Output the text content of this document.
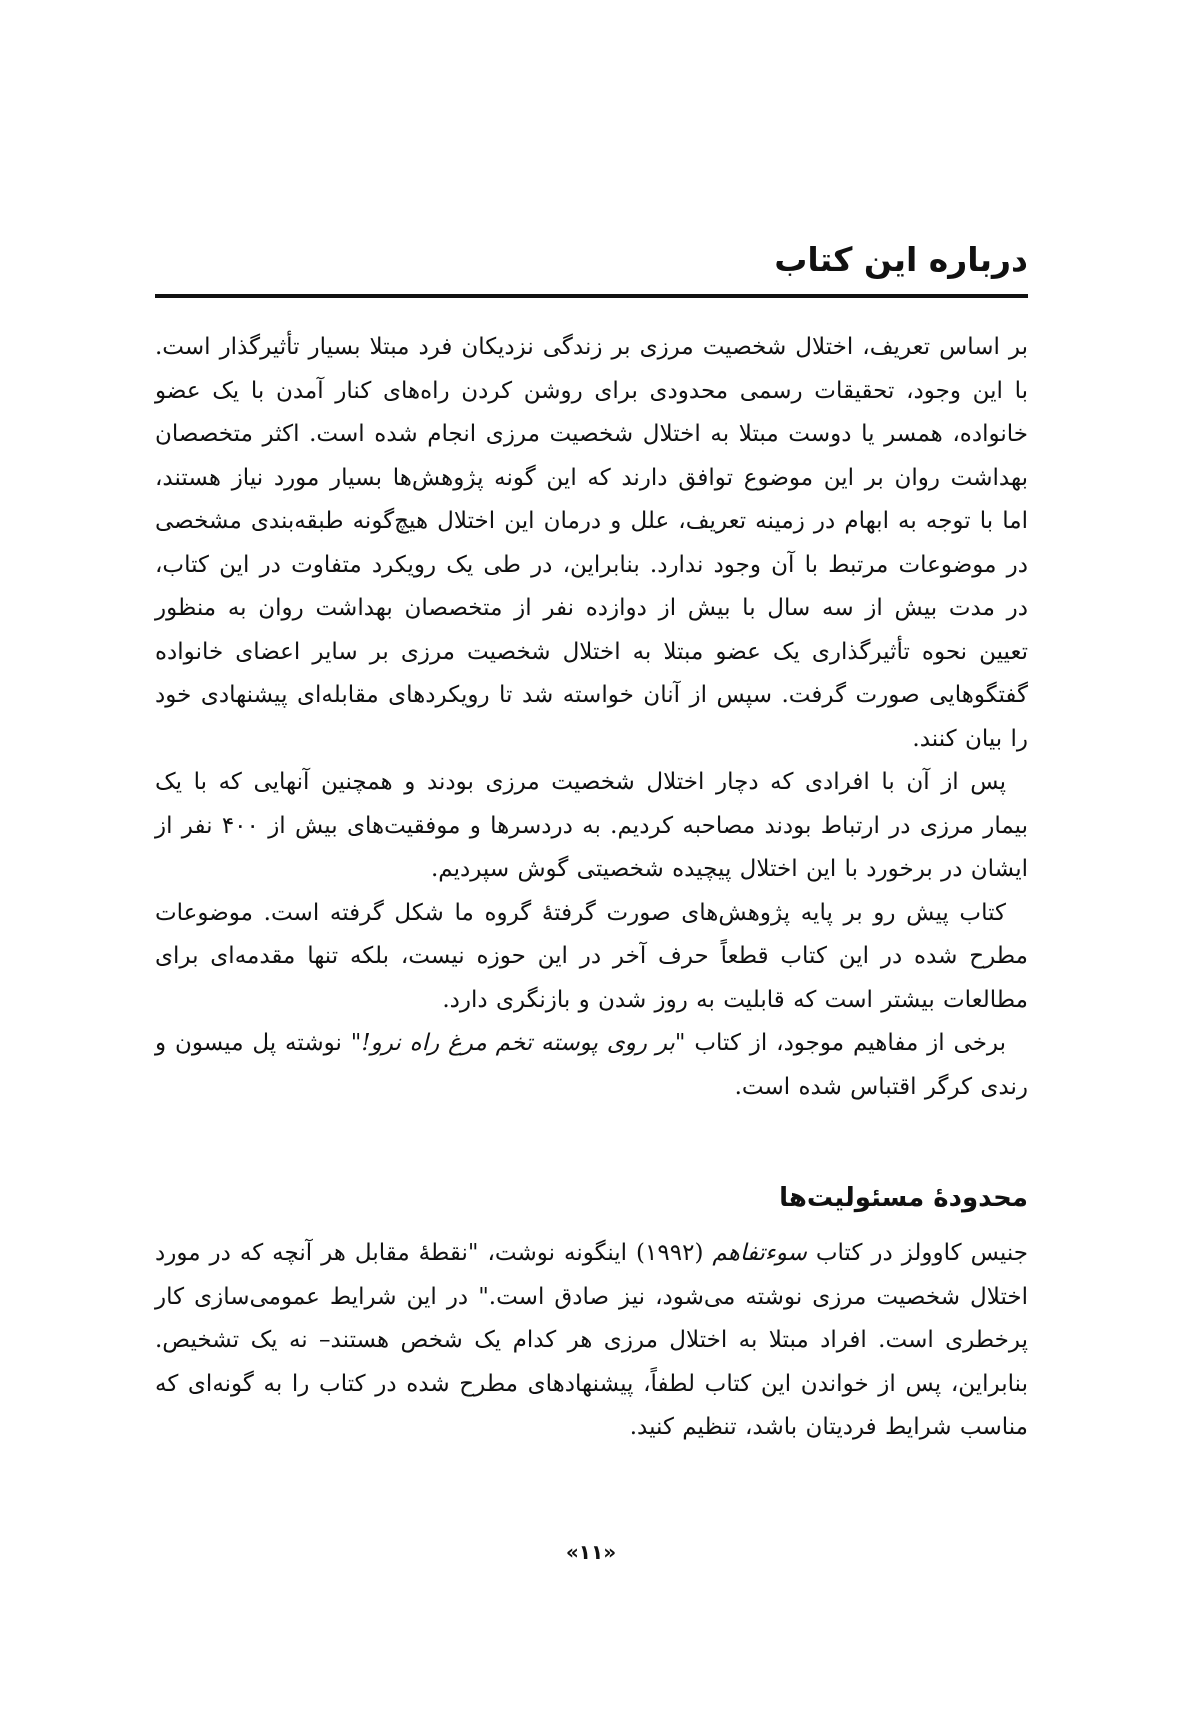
درباره این کتاب

بر اساس تعریف، اختلال شخصیت مرزی بر زندگی نزدیکان فرد مبتلا بسیار تأثیرگذار است. با این وجود، تحقیقات رسمی محدودی برای روشن کردن راه‌های کنار آمدن با یک عضو خانواده، همسر یا دوست مبتلا به اختلال شخصیت مرزی انجام شده است. اکثر متخصصان بهداشت روان بر این موضوع توافق دارند که این گونه پژوهش‌ها بسیار مورد نیاز هستند، اما با توجه به ابهام در زمینه تعریف، علل و درمان این اختلال هیچ‌گونه طبقه‌بندی مشخصی در موضوعات مرتبط با آن وجود ندارد. بنابراین، در طی یک رویکرد متفاوت در این کتاب، در مدت بیش از سه سال با بیش از دوازده نفر از متخصصان بهداشت روان به منظور تعیین نحوه تأثیرگذاری یک عضو مبتلا به اختلال شخصیت مرزی بر سایر اعضای خانواده گفتگوهایی صورت گرفت. سپس از آنان خواسته شد تا رویکردهای مقابله‌ای پیشنهادی خود را بیان کنند.

پس از آن با افرادی که دچار اختلال شخصیت مرزی بودند و همچنین آنهایی که با یک بیمار مرزی در ارتباط بودند مصاحبه کردیم. به دردسرها و موفقیت‌های بیش از ۴۰۰ نفر از ایشان در برخورد با این اختلال پیچیده شخصیتی گوش سپردیم.

کتاب پیش رو بر پایه پژوهش‌های صورت گرفتهٔ گروه ما شکل گرفته است. موضوعات مطرح شده در این کتاب قطعاً حرف آخر در این حوزه نیست، بلکه تنها مقدمه‌ای برای مطالعات بیشتر است که قابلیت به روز شدن و بازنگری دارد.

برخی از مفاهیم موجود، از کتاب "بر روی پوسته تخم مرغ راه نرو!" نوشته پل میسون و رندی کرگر اقتباس شده است.

محدودهٔ مسئولیت‌ها

جنیس کاوولز در کتاب سوءتفاهم (۱۹۹۲) اینگونه نوشت، "نقطهٔ مقابل هر آنچه که در مورد اختلال شخصیت مرزی نوشته می‌شود، نیز صادق است." در این شرایط عمومی‌سازی کار پرخطری است. افراد مبتلا به اختلال مرزی هر کدام یک شخص هستند– نه یک تشخیص. بنابراین، پس از خواندن این کتاب لطفاً، پیشنهادهای مطرح شده در کتاب را به گونه‌ای که مناسب شرایط فردیتان باشد، تنظیم کنید.

«۱۱»
